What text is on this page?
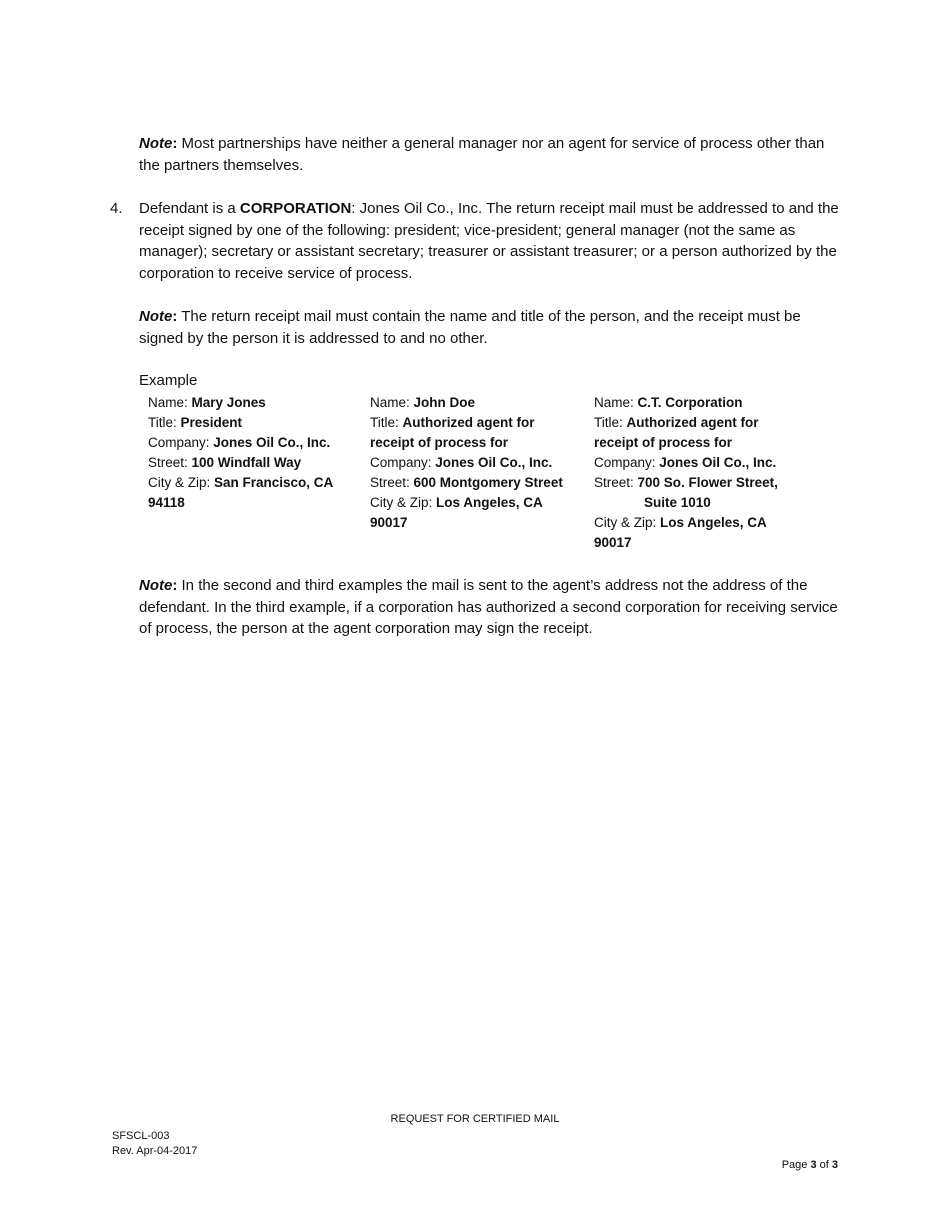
Note: Most partnerships have neither a general manager nor an agent for service of process other than the partners themselves.
4. Defendant is a CORPORATION: Jones Oil Co., Inc. The return receipt mail must be addressed to and the receipt signed by one of the following: president; vice-president; general manager (not the same as manager); secretary or assistant secretary; treasurer or assistant treasurer; or a person authorized by the corporation to receive service of process.
Note: The return receipt mail must contain the name and title of the person, and the receipt must be signed by the person it is addressed to and no other.
Example
Name: Mary Jones
Title: President
Company: Jones Oil Co., Inc.
Street: 100 Windfall Way
City & Zip: San Francisco, CA
94118
Name: John Doe
Title: Authorized agent for
receipt of process for
Company: Jones Oil Co., Inc.
Street: 600 Montgomery Street
City & Zip: Los Angeles, CA
90017
Name: C.T. Corporation
Title: Authorized agent for
receipt of process for
Company: Jones Oil Co., Inc.
Street: 700 So. Flower Street,
Suite 1010
City & Zip: Los Angeles, CA
90017
Note: In the second and third examples the mail is sent to the agent’s address not the address of the defendant. In the third example, if a corporation has authorized a second corporation for receiving service of process, the person at the agent corporation may sign the receipt.
REQUEST FOR CERTIFIED MAIL
SFSCL-003
Rev. Apr-04-2017
Page 3 of 3
